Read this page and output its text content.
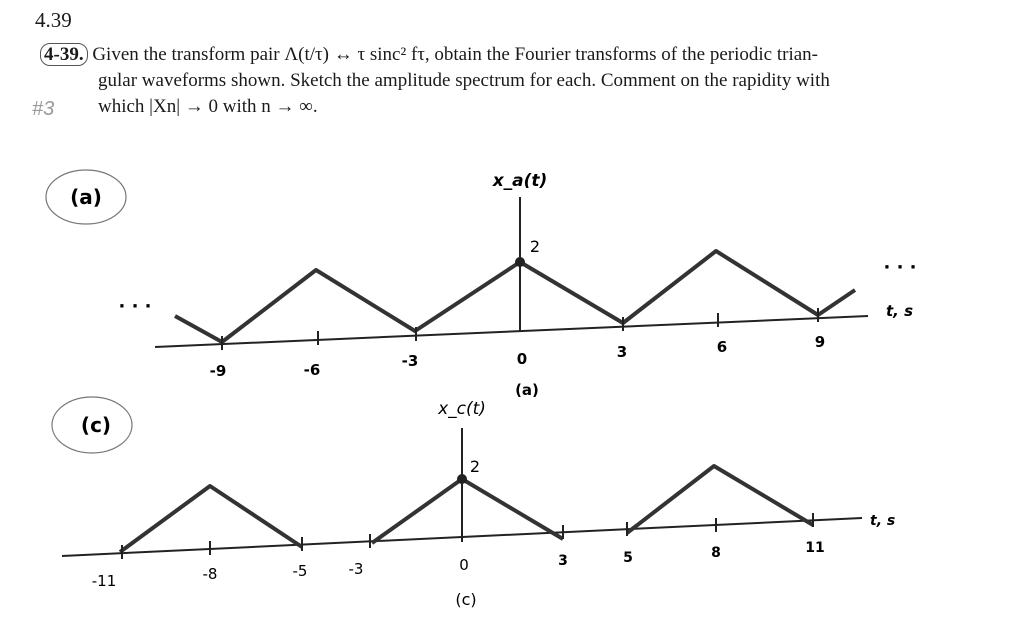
4.39
4-39. Given the transform pair Λ(t/τ) ↔ τ sinc² fτ, obtain the Fourier transforms of the periodic trian-
gular waveforms shown. Sketch the amplitude spectrum for each. Comment on the rapidity with
which |Xn| → 0 with n → ∞.
#3
(a)
x_a(t)
2
t, s
-9	-6	-3	0	3	6	9
· · ·
· · ·
(a)
(c)
x_c(t)
2
t, s
-11	-8	-5	-3	0	3	5	8	11
(c)
